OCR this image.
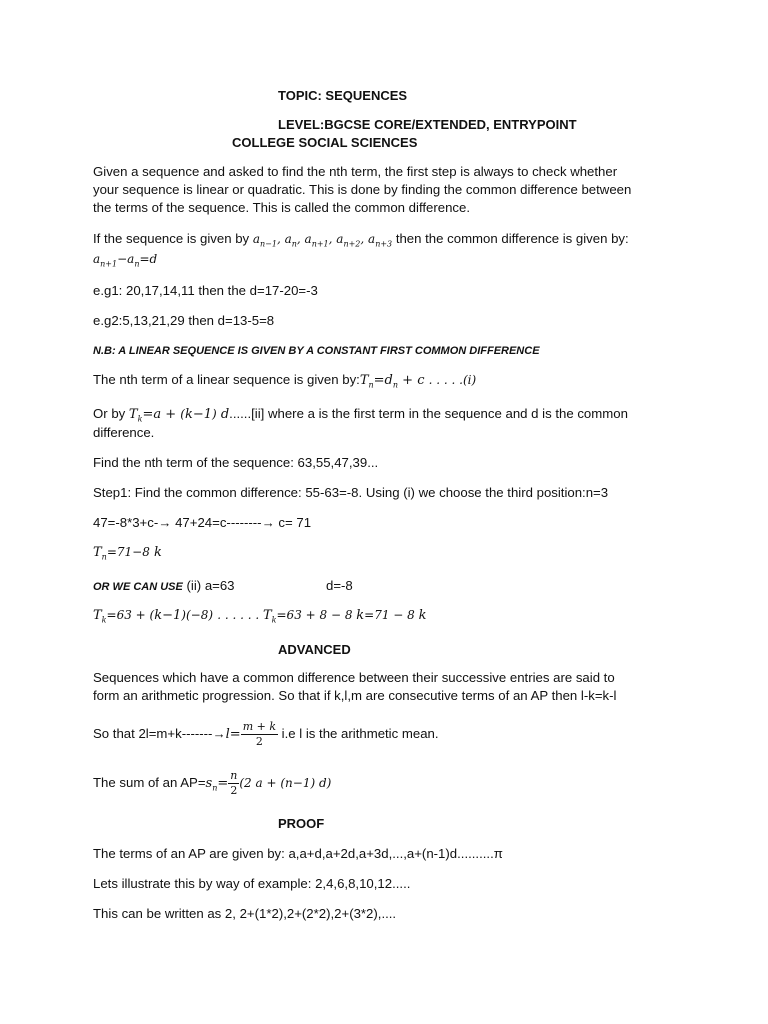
TOPIC: SEQUENCES
LEVEL:BGCSE CORE/EXTENDED, ENTRYPOINT
COLLEGE SOCIAL SCIENCES
Given a sequence and asked to find the nth term, the first step is always to check whether
your sequence is linear or quadratic. This is done by finding the common difference between
the terms of the sequence. This is called the common difference.
If the sequence is given by $a_{n-1}$, $a_n$, $a_{n+1}$, $a_{n+2}$, $a_{n+3}$ then the common difference is given by:
$a_{n+1}-a_n=d$
e.g1: 20,17,14,11 then the d=17-20=-3
e.g2:5,13,21,29 then d=13-5=8
N.B: A LINEAR SEQUENCE IS GIVEN BY A CONSTANT FIRST COMMON DIFFERENCE
The nth term of a linear sequence is given $by:T_n=d_n + c$ . . . . .(i)
Or by $T_k=a + (k-1)$ d......[ii] where a is the first term in the sequence and d is the common
difference.
Find the nth term of the sequence: 63,55,47,39...
Step1: Find the common difference: 55-63=-8. Using (i) we choose the third position:n=3
47=-8*3+c-→ 47+24=c--------→ c= 71
$T_n=71-8$ k
OR WE CAN USE (ii) a=63	d=-8
$T_k=63 + (k-1)(-8)$ . . . . . . $T_k=63 + 8 - 8$ k=71 − 8 k
ADVANCED
Sequences which have a common difference between their successive entries are said to
form an arithmetic progression. So that if k,l,m are consecutive terms of an AP then l-k=k-l
So that $2l=m+k-------\to l= \frac{m + k}{2} i.e$ l is the arithmetic mean.
The sum of an $AP=s_n= \frac{n}{2} (2$ a + (n−1) d)
PROOF
The terms of an AP are given by: a,a+d,a+2d,a+3d,...,a+(n-1)d..........π
Lets illustrate this by way of example: 2,4,6,8,10,12.....
This can be written as 2, 2+(1*2),2+(2*2),2+(3*2),....
